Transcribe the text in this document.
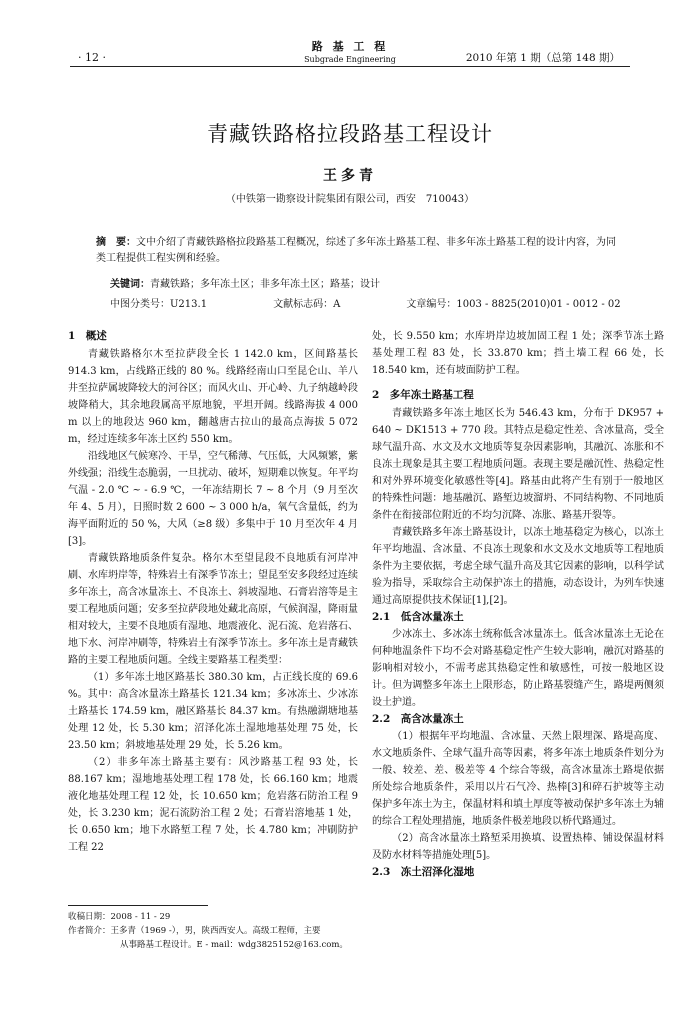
· 12 ·
路 基 工 程
Subgrade Engineering	2010 年第 1 期（总第 148 期）
青藏铁路格拉段路基工程设计
王多青
（中铁第一勘察设计院集团有限公司，西安　710043）
摘　要：文中介绍了青藏铁路格拉段路基工程概况，综述了多年冻土路基工程、非多年冻土路基工程的设计内容，为同类工程提供工程实例和经验。
关键词：青藏铁路；多年冻土区；非多年冻土区；路基；设计
中图分类号：U213.1	文献标志码：A	文章编号：1003 - 8825(2010)01 - 0012 - 02
1　概述

青藏铁路格尔木至拉萨段全长 1 142.0 km，区间路基长 914.3 km，占线路正线的 80 %。线路经南山口至昆仑山、羊八井至拉萨属坡降较大的河谷区；而风火山、开心岭、九子纳越岭段坡降稍大，其余地段属高平原地貌，平坦开阔。线路海拔 4 000 m 以上的地段达 960 km，翻越唐古拉山的最高点海拔 5 072 m，经过连续多年冻土区约 550 km。

沿线地区气候寒冷、干旱，空气稀薄、气压低，大风频繁，紫外线强；沿线生态脆弱，一旦扰动、破坏，短期难以恢复。年平均气温 - 2.0 ℃ ~ - 6.9 ℃，一年冻结期长 7 ~ 8 个月（9 月至次年 4、5 月），日照时数 2 600 ~ 3 000 h/a，氧气含量低，约为海平面附近的 50 %，大风（≥8 级）多集中于 10 月至次年 4 月[3]。

青藏铁路地质条件复杂。格尔木至望昆段不良地质有河岸冲刷、水库坍岸等，特殊岩土有深季节冻土；望昆至安多段经过连续多年冻土，高含冰量冻土、不良冻土、斜坡湿地、石膏岩溶等是主要工程地质问题；安多至拉萨段地处藏北高原，气候润湿，降雨量相对较大，主要不良地质有湿地、地震液化、泥石流、危岩落石、地下水、河岸冲刷等，特殊岩土有深季节冻土。多年冻土是青藏铁路的主要工程地质问题。全线主要路基工程类型：

（1）多年冻土地区路基长 380.30 km，占正线长度的 69.6 %。其中：高含冰量冻土路基长 121.34 km；多冰冻土、少冰冻土路基长 174.59 km，融区路基长 84.37 km。有热融湖塘地基处理 12 处，长 5.30 km；沼泽化冻土湿地地基处理 75 处，长 23.50 km；斜坡地基处理 29 处，长 5.26 km。

（2）非多年冻土路基主要有：风沙路基工程 93 处，长 88.167 km；湿地地基处理工程 178 处，长 66.160 km；地震液化地基处理工程 12 处，长 10.650 km；危岩落石防治工程 9 处，长 3.230 km；泥石流防治工程 2 处；石膏岩溶地基 1 处，长 0.650 km；地下水路堑工程 7 处，长 4.780 km；冲刷防护工程 22

处，长 9.550 km；水库坍岸边坡加固工程 1 处；深季节冻土路基处理工程 83 处，长 33.870 km；挡土墙工程 66 处，长 18.540 km，还有坡面防护工程。

2　多年冻土路基工程

青藏铁路多年冻土地区长为 546.43 km，分布于 DK957 + 640 ~ DK1513 + 770 段。其特点是稳定性差、含冰量高，受全球气温升高、水文及水文地质等复杂因素影响，其融沉、冻胀和不良冻土现象是其主要工程地质问题。表现主要是融沉性、热稳定性和对外界环境变化敏感性等[4]。路基由此将产生有别于一般地区的特殊性问题：地基融沉、路堑边坡溜坍、不同结构物、不同地质条件在衔接部位附近的不均匀沉降、冻胀、路基开裂等。

青藏铁路多年冻土路基设计，以冻土地基稳定为核心，以冻土年平均地温、含冰量、不良冻土现象和水文及水文地质等工程地质条件为主要依据，考虑全球气温升高及其它因素的影响，以科学试验为指导，采取综合主动保护冻土的措施，动态设计，为列车快速通过高原提供技术保证[1],[2]。

2.1　低含冰量冻土

少冰冻土、多冰冻土统称低含冰量冻土。低含冰量冻土无论在何种地温条件下均不会对路基稳定性产生较大影响，融沉对路基的影响相对较小，不需考虑其热稳定性和敏感性，可按一般地区设计。但为调整多年冻土上限形态，防止路基裂缝产生，路堤两侧须设土护道。

2.2　高含冰量冻土

（1）根据年平均地温、含冰量、天然上限埋深、路堤高度、水文地质条件、全球气温升高等因素，将多年冻土地质条件划分为一般、较差、差、极差等 4 个综合等级，高含冰量冻土路堤依据所处综合地质条件，采用以片石气冷、热棒[3]和碎石护坡等主动保护多年冻土为主，保温材料和填土厚度等被动保护多年冻土为辅的综合工程处理措施，地质条件极差地段以桥代路通过。

（2）高含冰量冻土路堑采用换填、设置热棒、铺设保温材料及防水材料等措施处理[5]。

2.3　冻土沼泽化湿地
收稿日期：2008 - 11 - 29
作者简介：王多青（1969 -），男，陕西西安人。高级工程师，主要
从事路基工程设计。E - mail：wdg3825152@163.com。
